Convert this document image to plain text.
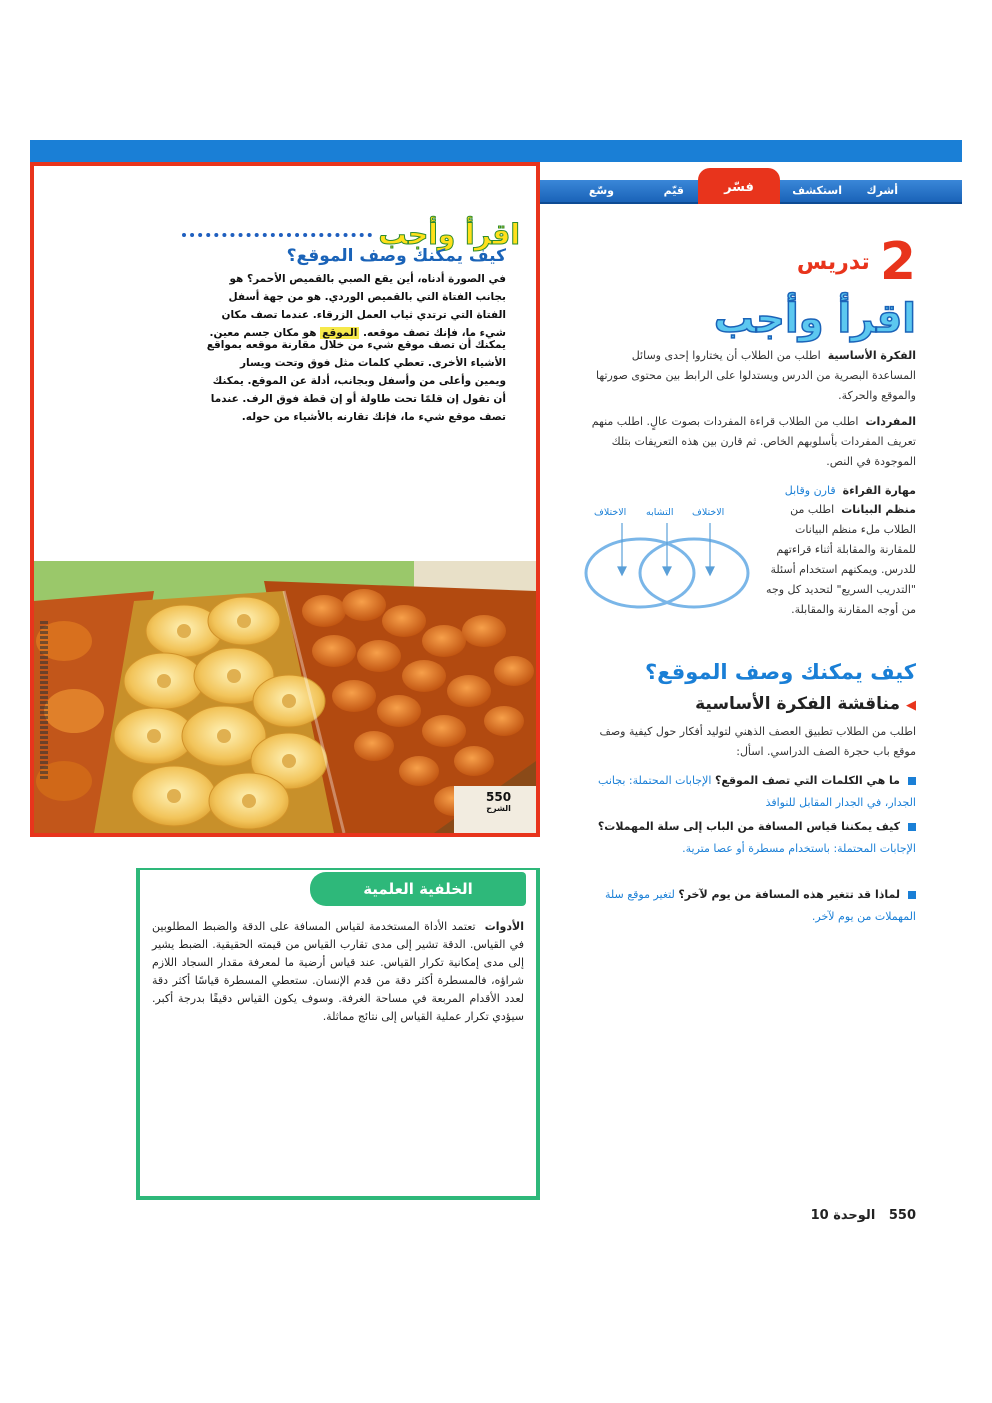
أشرك
استكشف
قيّم
وسّع	فسّر
اقرأ وأجب
كيف يمكنك وصف الموقع؟

في الصورة أدناه، أين يقع الصبي بالقميص الأحمر؟ هو بجانب الفتاة التي بالقميص الوردي. هو من جهة أسفل الفتاة التي ترتدي ثياب العمل الزرقاء. عندما تصف مكان شيء ما، فإنك تصف موقعه. الموقع هو مكان جسم معين.

يمكنك أن تصف موقع شيء من خلال مقارنة موقعه بمواقع الأشياء الأخرى. تعطي كلمات مثل فوق وتحت ويسار ويمين وأعلى من وأسفل وبجانب، أدلة عن الموقع. يمكنك أن تقول إن قلمًا تحت طاولة أو إن قطة فوق الرف. عندما تصف موقع شيء ما، فإنك تقارنه بالأشياء من حوله.

550
الشرح
الخلفية العلمية

الأدوات  تعتمد الأداة المستخدمة لقياس المسافة على الدقة والضبط المطلوبين في القياس. الدقة تشير إلى مدى تقارب القياس من قيمته الحقيقية. الضبط يشير إلى مدى إمكانية تكرار القياس. عند قياس أرضية ما لمعرفة مقدار السجاد اللازم شراؤه، فالمسطرة أكثر دقة من قدم الإنسان. ستعطي المسطرة قياسًا أكثر دقة لعدد الأقدام المربعة في مساحة الغرفة. وسوف يكون القياس دقيقًا بدرجة أكبر. سيؤدي تكرار عملية القياس إلى نتائج مماثلة.

2
تدريس
اقرأ وأجب

الفكرة الأساسية  اطلب من الطلاب أن يختاروا إحدى وسائل المساعدة البصرية من الدرس ويستدلوا على الرابط بين محتوى صورتها والموقع والحركة.

المفردات  اطلب من الطلاب قراءة المفردات بصوت عالٍ. اطلب منهم تعريف المفردات بأسلوبهم الخاص. ثم قارن بين هذه التعريفات بتلك الموجودة في النص.

مهارة القراءة  قارن وقابل

منظم البيانات  اطلب من الطلاب ملء منظم البيانات للمقارنة والمقابلة أثناء قراءتهم للدرس. ويمكنهم استخدام أسئلة "التدريب السريع" لتحديد كل وجه من أوجه المقارنة والمقابلة.

الاختلاف
التشابه
الاختلاف
كيف يمكنك وصف الموقع؟
◀مناقشة الفكرة الأساسية

اطلب من الطلاب تطبيق العصف الذهني لتوليد أفكار حول كيفية وصف موقع باب حجرة الصف الدراسي. اسأل:

ما هي الكلمات التي تصف الموقع؟ الإجابات المحتملة: بجانب الجدار، في الجدار المقابل للنوافذ
كيف يمكننا قياس المسافة من الباب إلى سلة المهملات؟ الإجابات المحتملة: باستخدام مسطرة أو عصا مترية.
لماذا قد تتغير هذه المسافة من يوم لآخر؟ لتغير موقع سلة المهملات من يوم لآخر.
550   الوحدة 10
